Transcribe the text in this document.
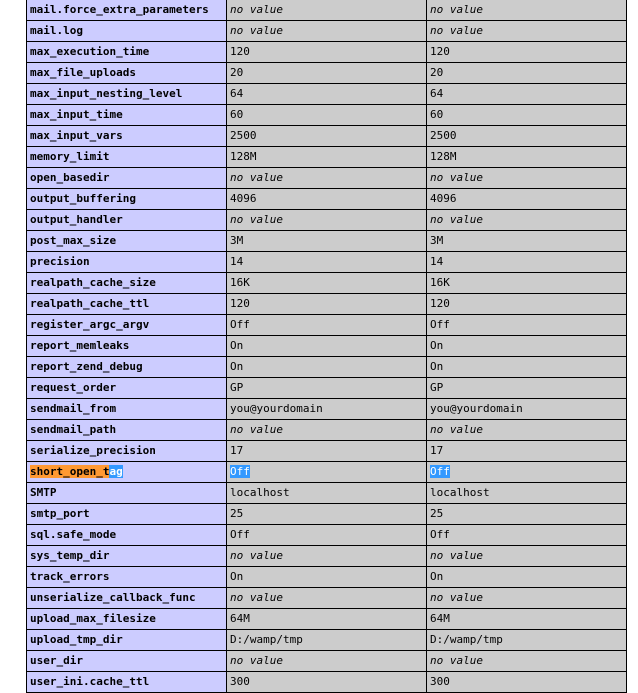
mail.force_extra_parameters	no value	no value
mail.log	no value	no value
max_execution_time	120	120
max_file_uploads	20	20
max_input_nesting_level	64	64
max_input_time	60	60
max_input_vars	2500	2500
memory_limit	128M	128M
open_basedir	no value	no value
output_buffering	4096	4096
output_handler	no value	no value
post_max_size	3M	3M
precision	14	14
realpath_cache_size	16K	16K
realpath_cache_ttl	120	120
register_argc_argv	Off	Off
report_memleaks	On	On
report_zend_debug	On	On
request_order	GP	GP
sendmail_from	you@yourdomain	you@yourdomain
sendmail_path	no value	no value
serialize_precision	17	17
short_open_tag	Off	Off
SMTP	localhost	localhost
smtp_port	25	25
sql.safe_mode	Off	Off
sys_temp_dir	no value	no value
track_errors	On	On
unserialize_callback_func	no value	no value
upload_max_filesize	64M	64M
upload_tmp_dir	D:/wamp/tmp	D:/wamp/tmp
user_dir	no value	no value
user_ini.cache_ttl	300	300
